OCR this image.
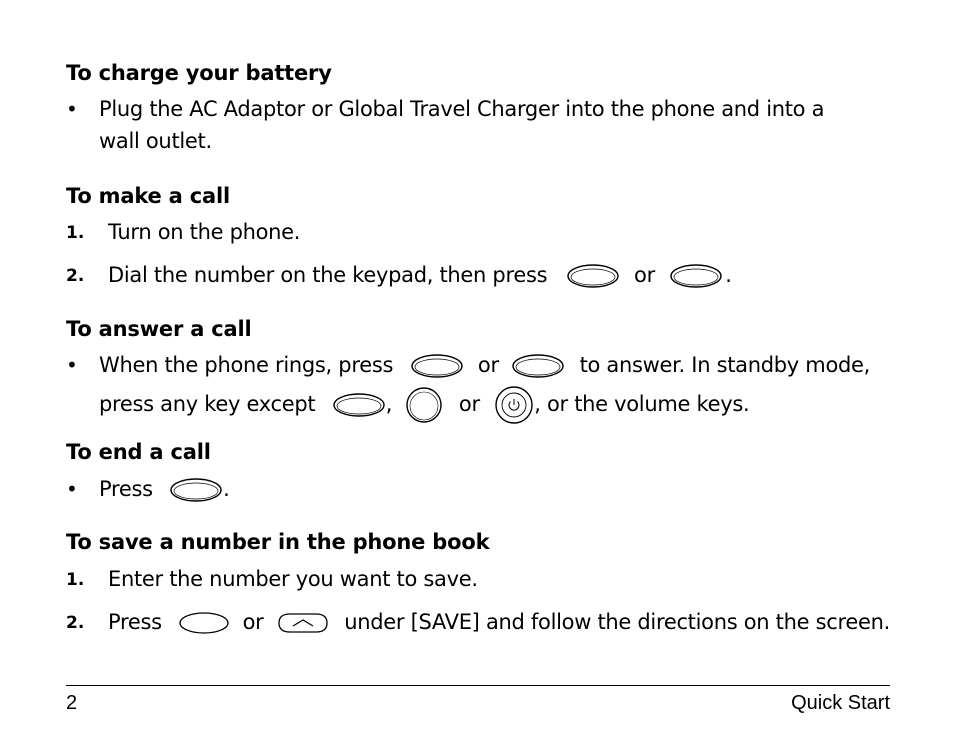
To charge your battery
• Plug the AC Adaptor or Global Travel Charger into the phone and into a
wall outlet.
To make a call
1. Turn on the phone.
2. Dial the number on the keypad, then press	or	.
To answer a call
• When the phone rings, press	or	to answer. In standby mode,
press any key except	,	or	, or the volume keys.
To end a call
• Press	.
To save a number in the phone book
1. Enter the number you want to save.
2. Press	or	under [SAVE] and follow the directions on the screen.
2	Quick Start
